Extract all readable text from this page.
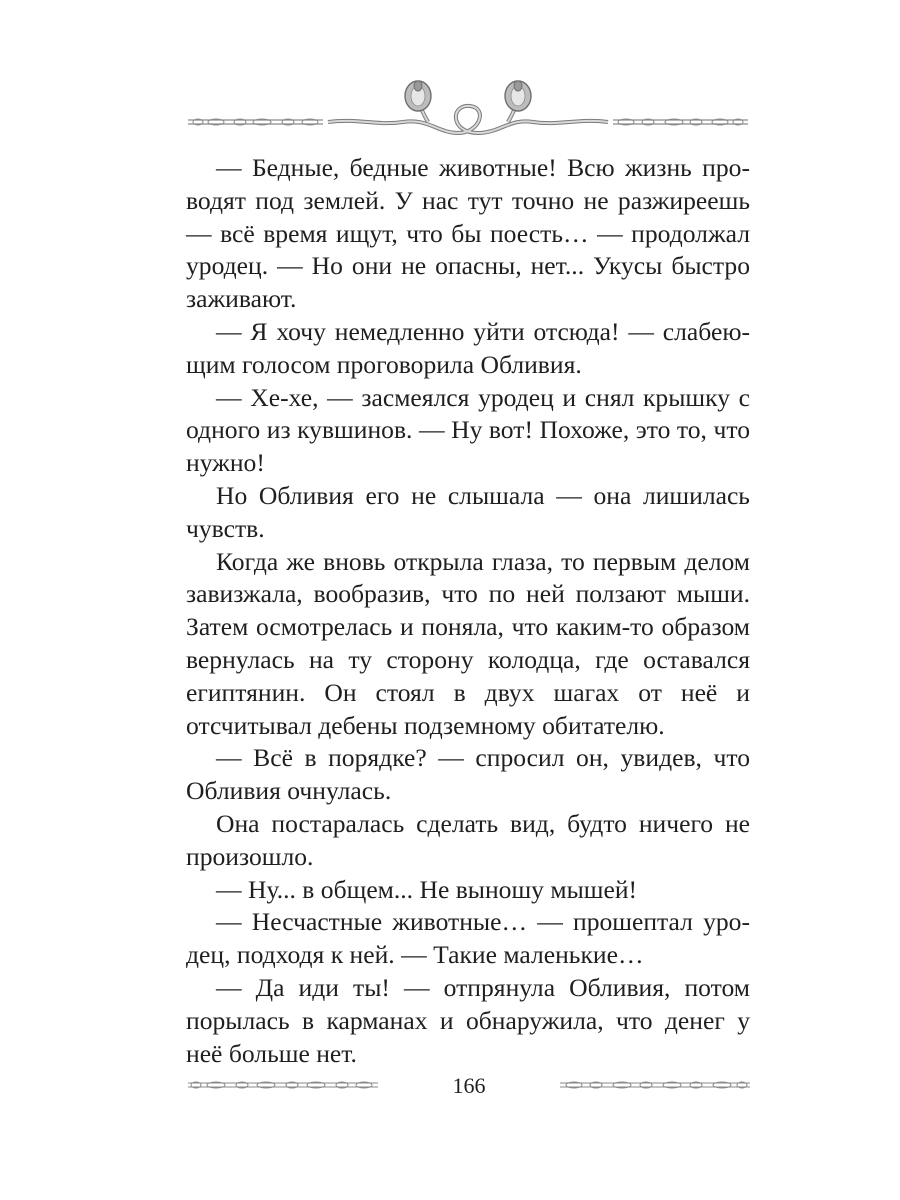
— Бедные, бедные животные! Всю жизнь проводят под землей. У нас тут точно не разжиреешь — всё время ищут, что бы поесть… — продолжал уродец. — Но они не опасны, нет... Укусы быстро заживают.

— Я хочу немедленно уйти отсюда! — слабеющим голосом проговорила Обливия.

— Хе-хе, — засмеялся уродец и снял крышку с одного из кувшинов. — Ну вот! Похоже, это то, что нужно!

Но Обливия его не слышала — она лишилась чувств.

Когда же вновь открыла глаза, то первым делом завизжала, вообразив, что по ней ползают мыши. Затем осмотрелась и поняла, что каким-то образом вернулась на ту сторону колодца, где оставался египтянин. Он стоял в двух шагах от неё и отсчитывал дебены подземному обитателю.

— Всё в порядке? — спросил он, увидев, что Обливия очнулась.

Она постаралась сделать вид, будто ничего не произошло.

— Ну... в общем... Не выношу мышей!

— Несчастные животные… — прошептал уродец, подходя к ней. — Такие маленькие…

— Да иди ты! — отпрянула Обливия, потом порылась в карманах и обнаружила, что денег у неё больше нет.

166
